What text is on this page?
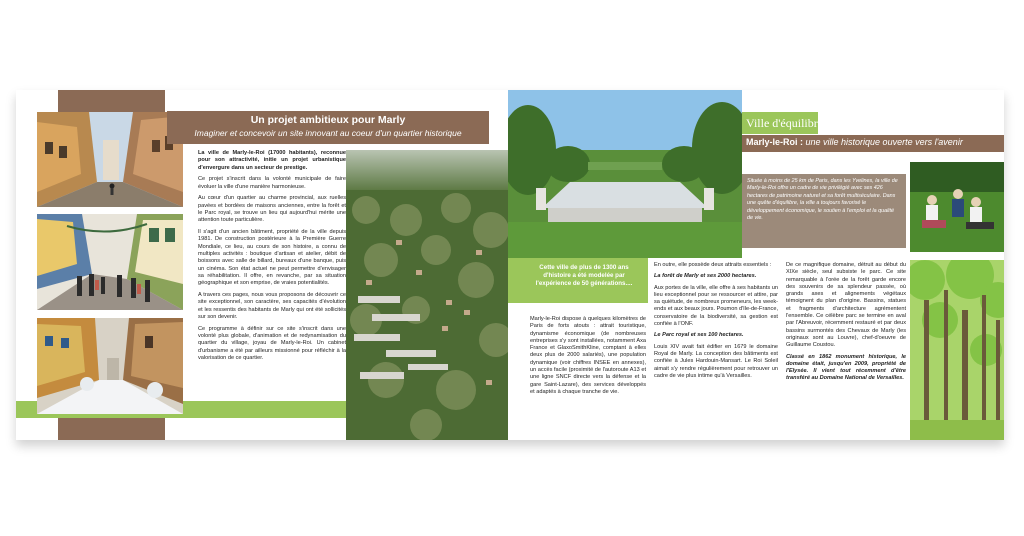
Un projet ambitieux pour Marly
Imaginer et concevoir un site innovant au coeur d'un quartier historique

La ville de Marly-le-Roi (17000 habitants), reconnue pour son attractivité, initie un projet urbanistique d'envergure dans un secteur de prestige.

Ce projet s'inscrit dans la volonté municipale de faire évoluer la ville d'une manière harmonieuse.

Au cœur d'un quartier au charme provincial, aux ruelles pavées et bordées de maisons anciennes, entre la forêt et le Parc royal, se trouve un lieu qui aujourd'hui mérite une attention toute particulière.

Il s'agit d'un ancien bâtiment, propriété de la ville depuis 1981. De construction postérieure à la Première Guerre Mondiale, ce lieu, au cours de son histoire, a connu de multiples activités : boutique d'artisan et atelier, débit de boissons avec salle de billard, bureaux d'une banque, puis un cinéma. Son état actuel ne peut permettre d'envisager sa réhabilitation. Il offre, en revanche, par sa situation géographique et son emprise, de vraies potentialités.

A travers ces pages, nous vous proposons de découvrir ce site exceptionnel, son caractère, ses capacités d'évolution et les ressentis des habitants de Marly qui ont été sollicités sur son devenir.

Ce programme à définir sur ce site s'inscrit dans une volonté plus globale, d'animation et de redynamisation du quartier du village, joyau de Marly-le-Roi. Un cabinet d'urbanisme a été par ailleurs missionné pour réfléchir à la valorisation de ce quartier.

Ville d'équilibre
Marly-le-Roi : une ville historique ouverte vers l'avenir
Située à moins de 25 km de Paris, dans les Yvelines, la ville de Marly-le-Roi offre un cadre de vie privilégié avec ses 426 hectares de patrimoine naturel et sa forêt multiséculaire. Dans une quête d'équilibre, la ville a toujours favorisé le développement économique, le soutien à l'emploi et la qualité de vie.
Cette ville de plus de 1300 ans d'histoire a été modelée par l'expérience de 50 générations....

Marly-le-Roi dispose à quelques kilomètres de Paris de forts atouts : attrait touristique, dynamisme économique (de nombreuses entreprises s'y sont installées, notamment Axa France et GlaxoSmithKline, comptant à elles deux plus de 2000 salariés), une population dynamique (voir chiffres INSEE en annexes), un accès facile (proximité de l'autoroute A13 et une ligne SNCF directe vers la défense et la gare Saint-Lazare), des services développés et adaptés à chaque tranche de vie.

En outre, elle possède deux attraits essentiels :

La forêt de Marly et ses 2000 hectares.

Aux portes de la ville, elle offre à ses habitants un lieu exceptionnel pour se ressourcer et attire, par sa quiétude, de nombreux promeneurs, les week-ends et aux beaux jours. Poumon d'Ile-de-France, conservatoire de la biodiversité, sa gestion est confiée à l'ONF.

Le Parc royal et ses 100 hectares.

Louis XIV avait fait édifier en 1679 le domaine Royal de Marly. La conception des bâtiments est confiée à Jules Hardouin-Mansart. Le Roi Soleil aimait s'y rendre régulièrement pour retrouver un cadre de vie plus intime qu'à Versailles.

De ce magnifique domaine, détruit au début du XIXe siècle, seul subsiste le parc. Ce site remarquable à l'orée de la forêt garde encore des souvenirs de sa splendeur passée, où grands axes et alignements végétaux témoignent du plan d'origine. Bassins, statues et fragments d'architecture agrémentent l'ensemble. Ce célèbre parc se termine en aval par l'Abreuvoir, récemment restauré et par deux bassins surmontés des Chevaux de Marly (les originaux sont au Louvre), chef-d'oeuvre de Guillaume Coustou.

Classé en 1862 monument historique, le domaine était, jusqu'en 2009, propriété de l'Elysée. Il vient tout récemment d'être transféré au Domaine National de Versailles.
